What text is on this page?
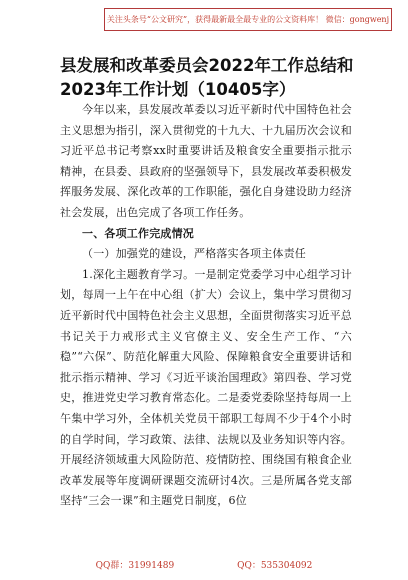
关注头条号“公文研究”，获得最新最全最专业的公文资料库！ 微信：gongwenj
县发展和改革委员会2022年工作总结和2023年工作计划（10405字）

今年以来，县发展改革委以习近平新时代中国特色社会主义思想为指引，深入贯彻党的十九大、十九届历次会议和习近平总书记考察xx时重要讲话及粮食安全重要指示批示精神，在县委、县政府的坚强领导下，县发展改革委积极发挥服务发展、深化改革的工作职能，强化自身建设助力经济社会发展，出色完成了各项工作任务。

一、各项工作完成情况

（一）加强党的建设，严格落实各项主体责任

1.深化主题教育学习。一是制定党委学习中心组学习计划，每周一上午在中心组（扩大）会议上，集中学习贯彻习近平新时代中国特色社会主义思想，全面贯彻落实习近平总书记关于力戒形式主义官僚主义、安全生产工作、“六稳”“六保”、防范化解重大风险、保障粮食安全重要讲话和批示指示精神、学习《习近平谈治国理政》第四卷、学习党史，推进党史学习教育常态化。二是委党委除坚持每周一上午集中学习外，全体机关党员干部职工每周不少于4个小时的自学时间，学习政策、法律、法规以及业务知识等内容。开展经济领域重大风险防范、疫情防控、围绕国有粮食企业改革发展等年度调研课题交流研讨4次。三是所属各党支部坚持“三会一课”和主题党日制度，6位

QQ群：31991489	QQ：535304092
